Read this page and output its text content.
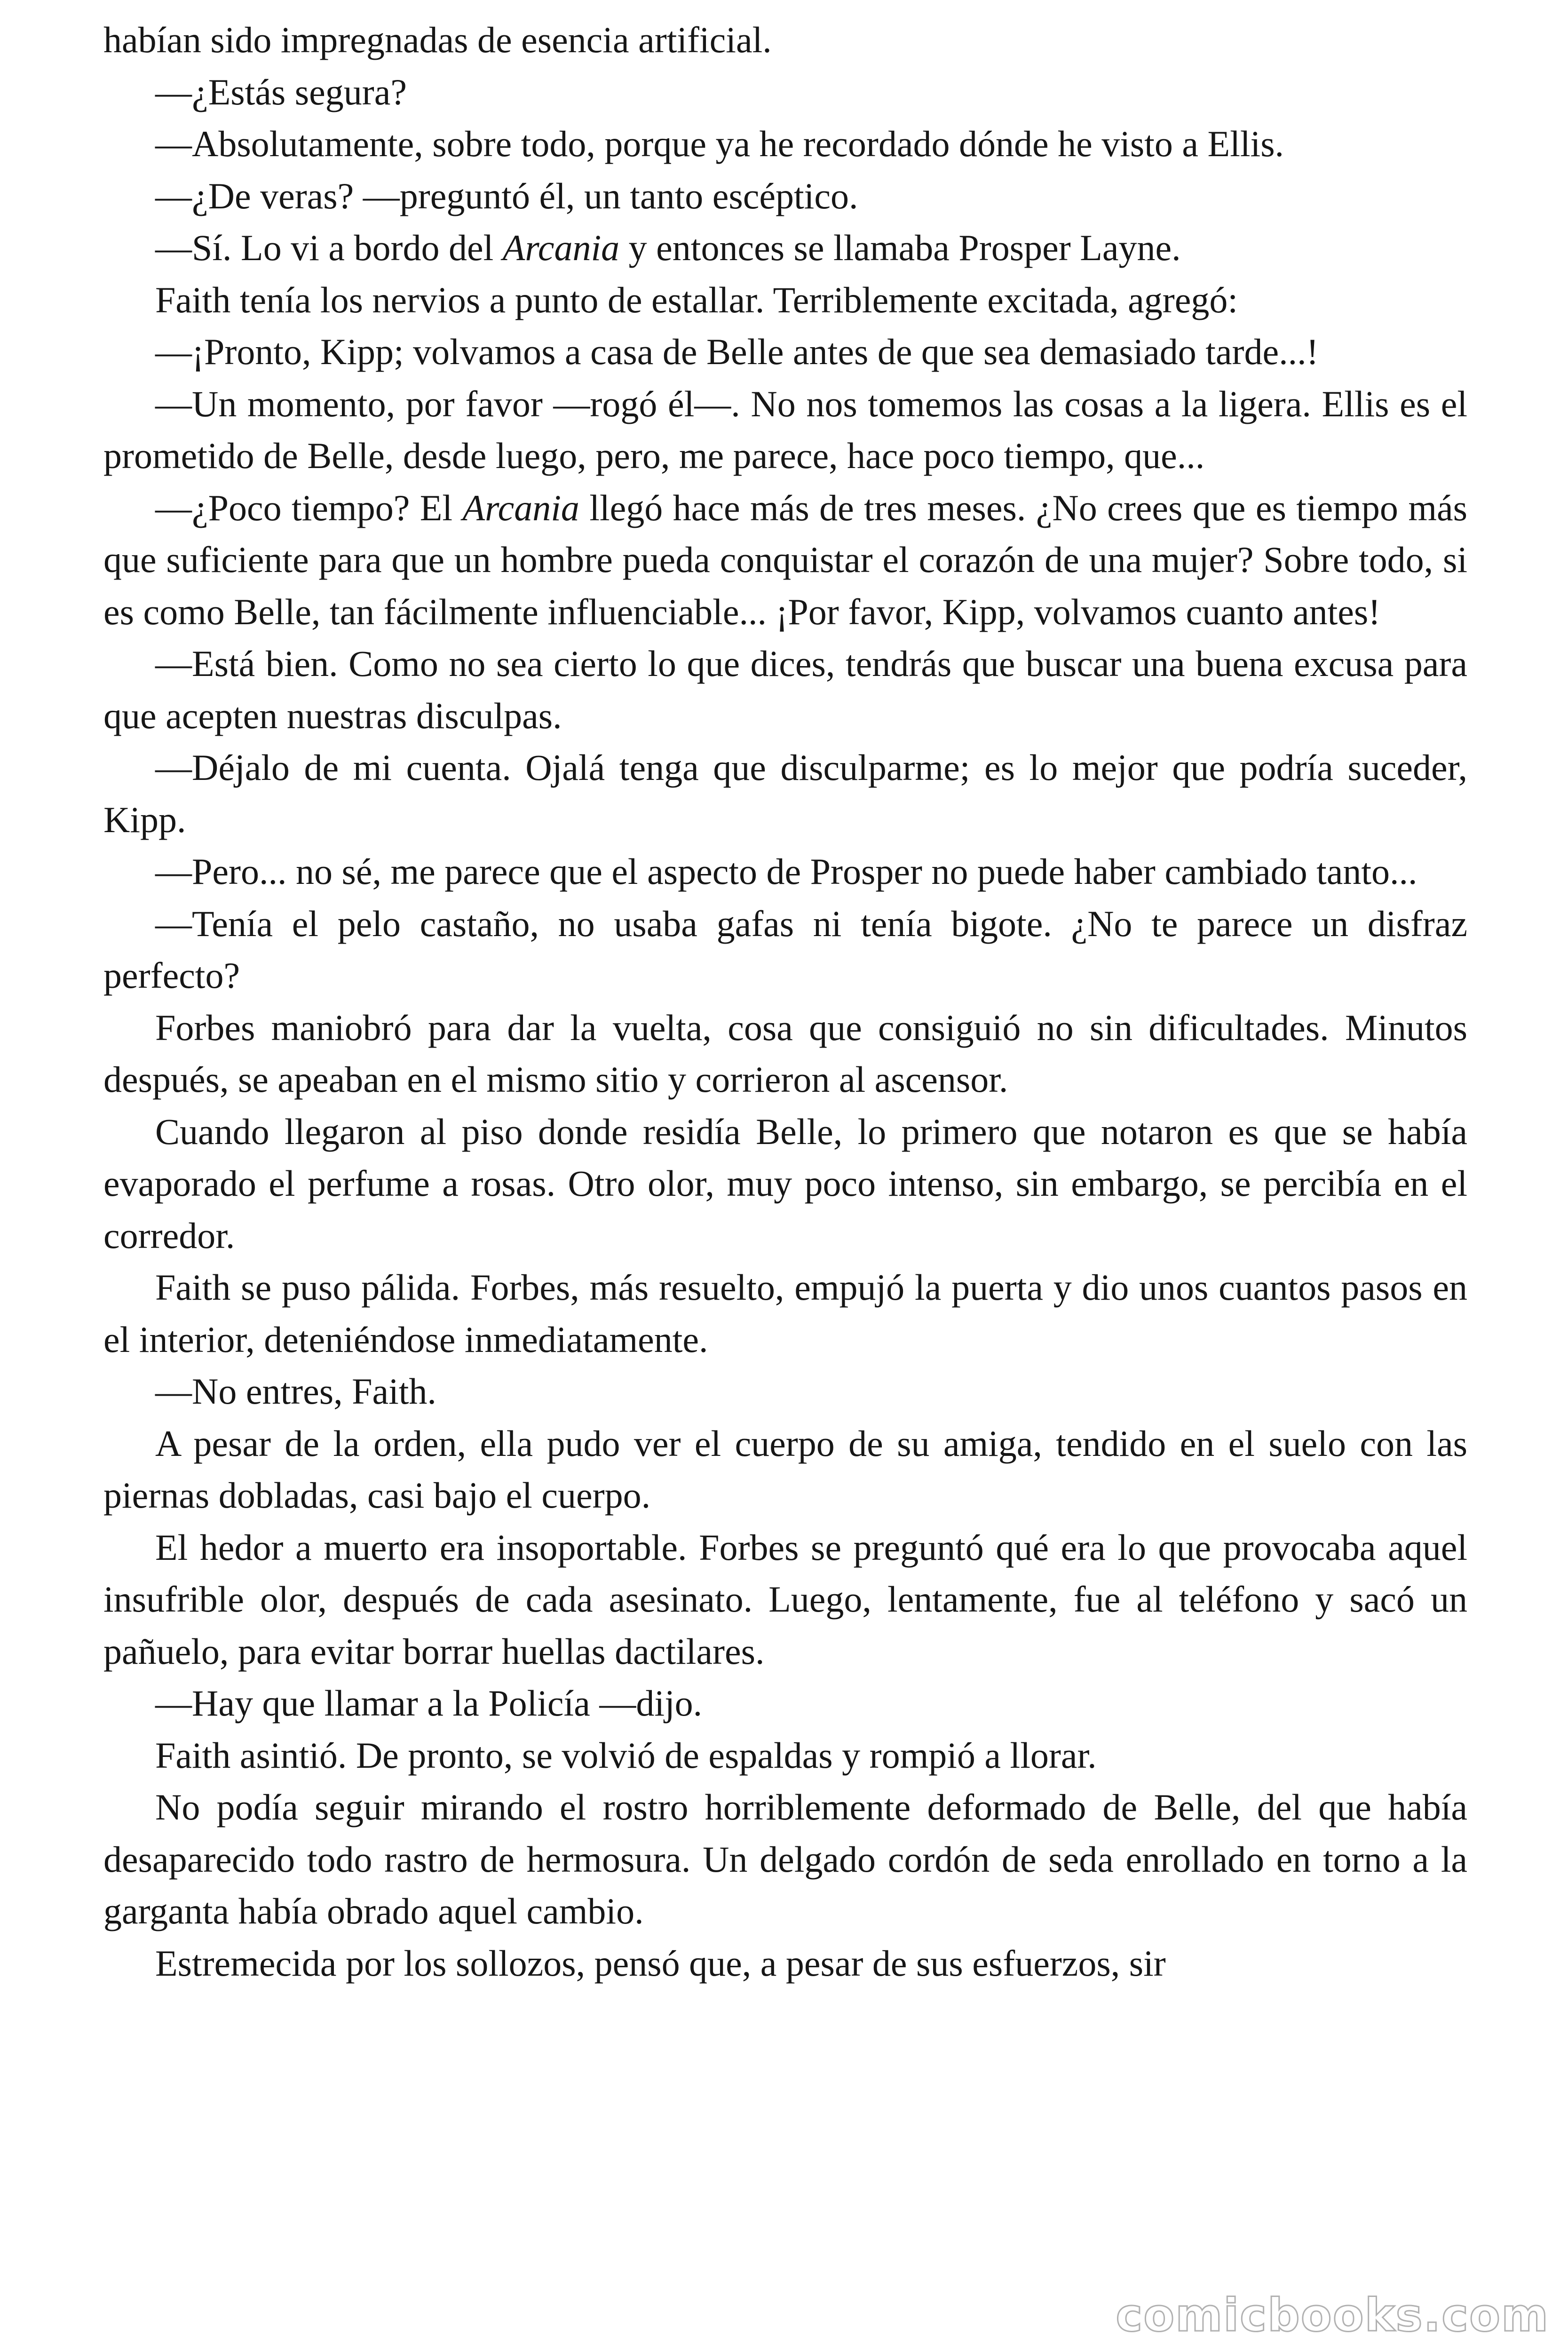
habían sido impregnadas de esencia artificial.

—¿Estás segura?

—Absolutamente, sobre todo, porque ya he recordado dónde he visto a Ellis.

—¿De veras? —preguntó él, un tanto escéptico.

—Sí. Lo vi a bordo del Arcania y entonces se llamaba Prosper Layne.

Faith tenía los nervios a punto de estallar. Terriblemente excitada, agregó:

—¡Pronto, Kipp; volvamos a casa de Belle antes de que sea demasiado tarde...!

—Un momento, por favor —rogó él—. No nos tomemos las cosas a la ligera. Ellis es el prometido de Belle, desde luego, pero, me parece, hace poco tiempo, que...

—¿Poco tiempo? El Arcania llegó hace más de tres meses. ¿No crees que es tiempo más que suficiente para que un hombre pueda conquistar el corazón de una mujer? Sobre todo, si es como Belle, tan fácilmente influenciable... ¡Por favor, Kipp, volvamos cuanto antes!

—Está bien. Como no sea cierto lo que dices, tendrás que buscar una buena excusa para que acepten nuestras disculpas.

—Déjalo de mi cuenta. Ojalá tenga que disculparme; es lo mejor que podría suceder, Kipp.

—Pero... no sé, me parece que el aspecto de Prosper no puede haber cambiado tanto...

—Tenía el pelo castaño, no usaba gafas ni tenía bigote. ¿No te parece un disfraz perfecto?

Forbes maniobró para dar la vuelta, cosa que consiguió no sin dificultades. Minutos después, se apeaban en el mismo sitio y corrieron al ascensor.

Cuando llegaron al piso donde residía Belle, lo primero que notaron es que se había evaporado el perfume a rosas. Otro olor, muy poco intenso, sin embargo, se percibía en el corredor.

Faith se puso pálida. Forbes, más resuelto, empujó la puerta y dio unos cuantos pasos en el interior, deteniéndose inmediatamente.

—No entres, Faith.

A pesar de la orden, ella pudo ver el cuerpo de su amiga, tendido en el suelo con las piernas dobladas, casi bajo el cuerpo.

El hedor a muerto era insoportable. Forbes se preguntó qué era lo que provocaba aquel insufrible olor, después de cada asesinato. Luego, lentamente, fue al teléfono y sacó un pañuelo, para evitar borrar huellas dactilares.

—Hay que llamar a la Policía —dijo.

Faith asintió. De pronto, se volvió de espaldas y rompió a llorar.

No podía seguir mirando el rostro horriblemente deformado de Belle, del que había desaparecido todo rastro de hermosura. Un delgado cordón de seda enrollado en torno a la garganta había obrado aquel cambio.

Estremecida por los sollozos, pensó que, a pesar de sus esfuerzos, sir

comicbooks.com
